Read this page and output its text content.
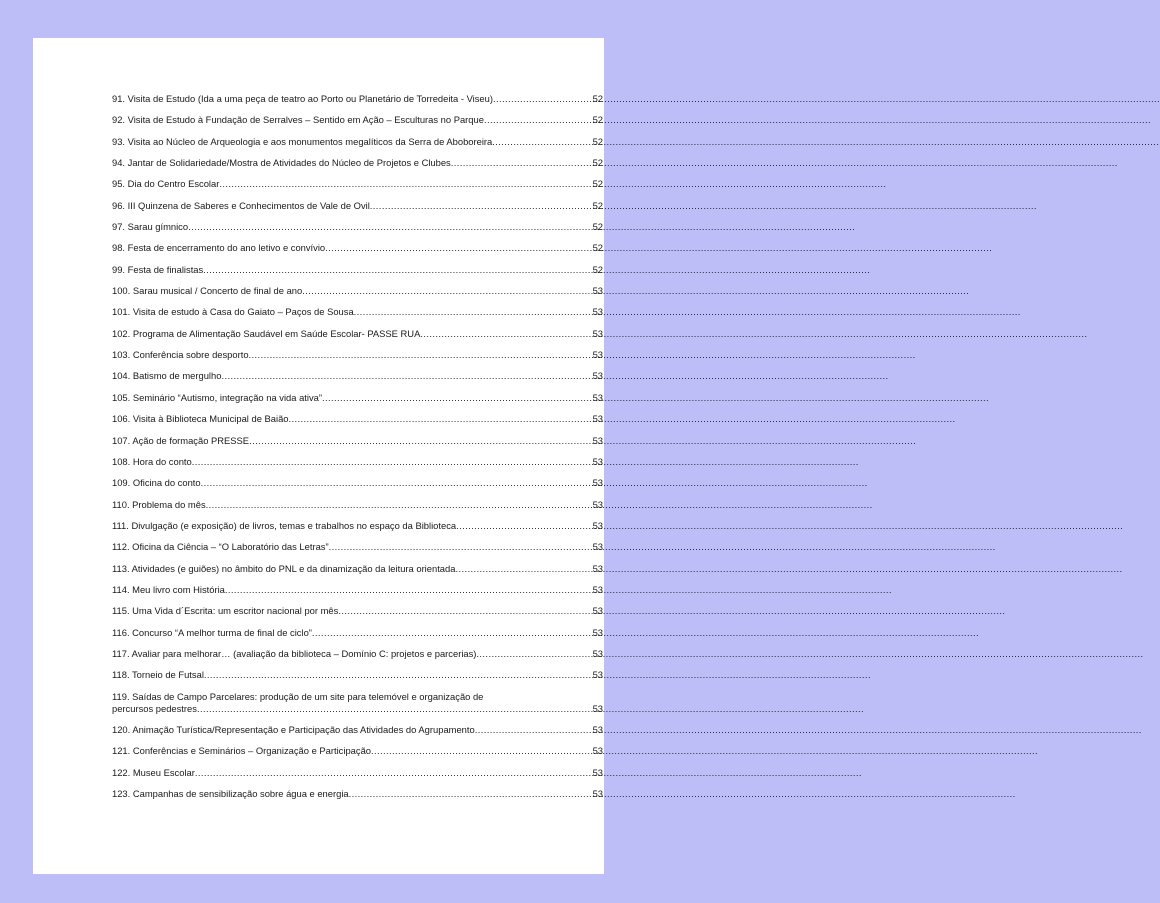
91. Visita de Estudo (Ida a uma peça de teatro ao Porto ou Planetário de Torredeita - Viseu) .....	52
92. Visita de Estudo à Fundação de Serralves – Sentido em Ação – Esculturas no Parque .....	52
93. Visita ao Núcleo de Arqueologia e aos monumentos megalíticos da Serra de Aboboreira .....	52
94. Jantar de Solidariedade/Mostra de Atividades do Núcleo de Projetos e Clubes .....	52
95. Dia do Centro Escolar .....	52
96. III Quinzena de Saberes e Conhecimentos de Vale de Ovil .....	52
97. Sarau gímnico .....	52
98. Festa de encerramento do ano letivo e convívio .....	52
99. Festa de finalistas .....	52
100. Sarau musical / Concerto de final de ano .....	53
101. Visita de estudo à Casa do Gaiato – Paços de Sousa .....	53
102. Programa de Alimentação Saudável em Saúde Escolar- PASSE RUA .....	53
103. Conferência sobre desporto .....	53
104. Batismo de mergulho .....	53
105. Seminário “Autismo, integração na vida ativa” .....	53
106. Visita à Biblioteca Municipal de Baião .....	53
107. Ação de formação PRESSE .....	53
108. Hora do conto .....	53
109. Oficina do conto .....	53
110. Problema do mês .....	53
111. Divulgação (e exposição) de livros, temas e trabalhos no espaço da Biblioteca .....	53
112. Oficina da Ciência – “O Laboratório das Letras” .....	53
113. Atividades (e guiões) no âmbito do PNL e da dinamização da leitura orientada .....	53
114. Meu livro com História .....	53
115. Uma Vida d´Escrita: um escritor nacional por mês .....	53
116. Concurso “A melhor turma de final de ciclo” .....	53
117. Avaliar para melhorar… (avaliação da biblioteca – Domínio C: projetos e parcerias) .....	53
118. Torneio de Futsal .....	53
119. Saídas de Campo Parcelares: produção de um site para telemóvel e organização de
percursos pedestres .....	53
120. Animação Turística/Representação e Participação das Atividades do Agrupamento .....	53
121. Conferências e Seminários – Organização e Participação .....	53
122. Museu Escolar .....	53
123. Campanhas de sensibilização sobre água e energia .....	53
